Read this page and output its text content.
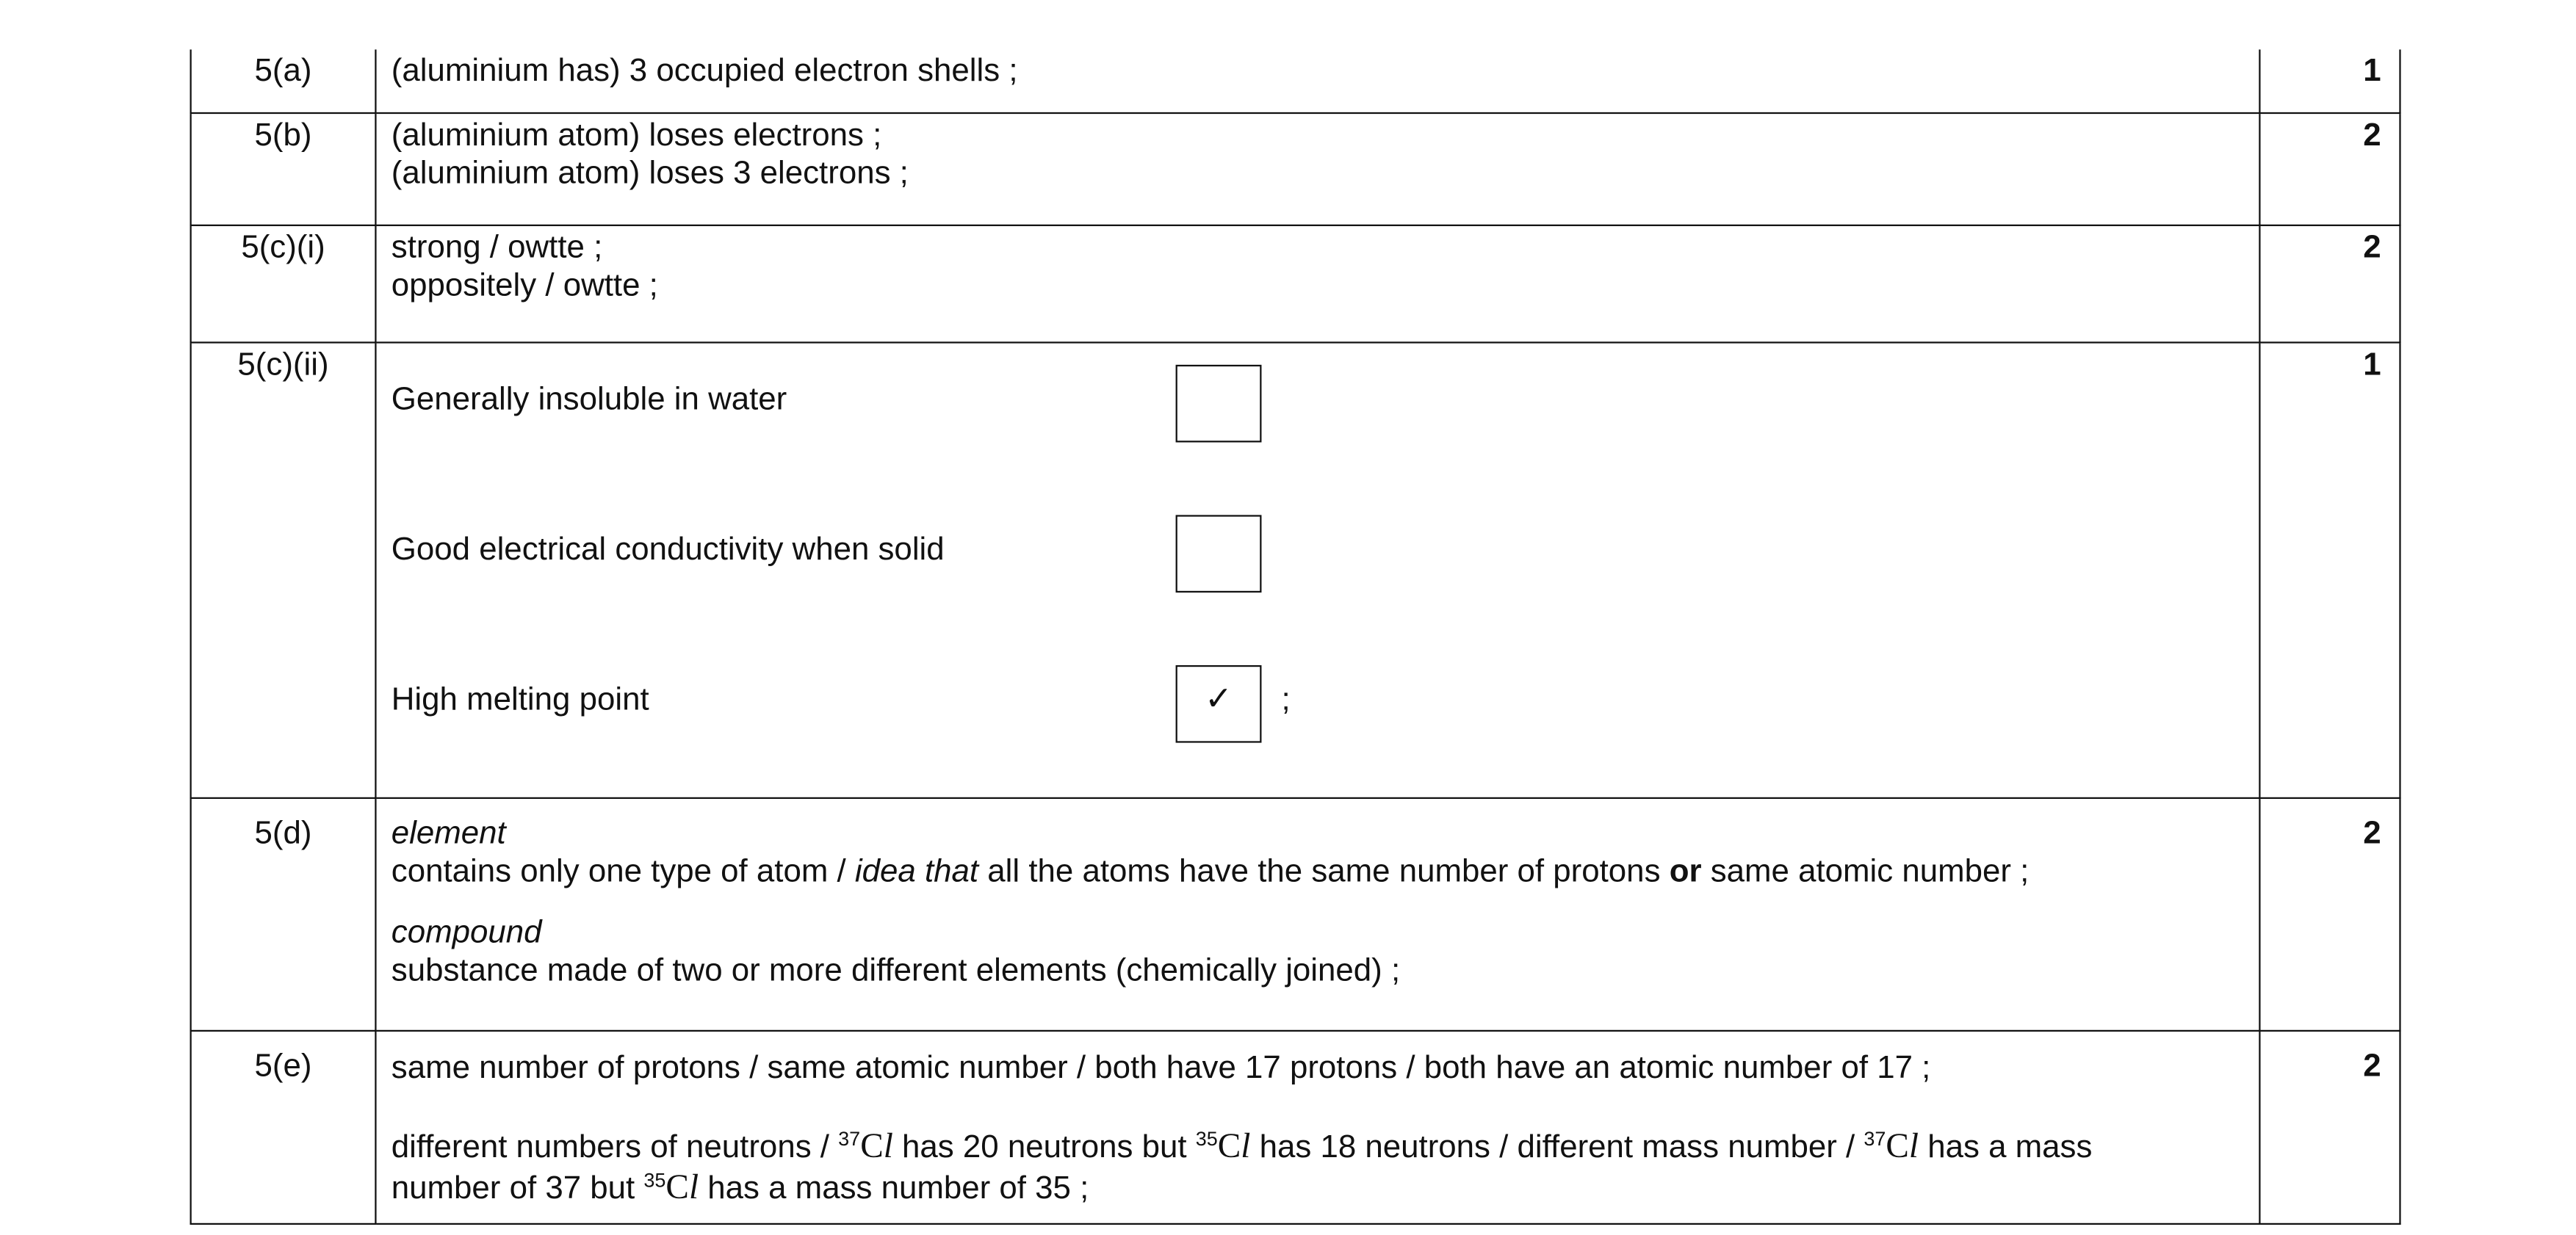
5(a)	(aluminium has) 3 occupied electron shells ;	1
5(b)	(aluminium atom) loses electrons ;
(aluminium atom) loses 3 electrons ;	2
5(c)(i)	strong / owtte ;
oppositely / owtte ;	2
5(c)(ii)	Generally insoluble in water
Good electrical conductivity when solid
High melting point ✓ ;	1
5(d)	element
contains only one type of atom / idea that all the atoms have the same number of protons or same atomic number ;
compound
substance made of two or more different elements (chemically joined) ;	2
5(e)	same number of protons / same atomic number / both have 17 protons / both have an atomic number of 17 ;
different numbers of neutrons / $^{37}$Cl has 20 neutrons but $^{35}$Cl has 18 neutrons / different mass number / $^{37}$Cl has a mass
number of 37 but $^{35}$Cl has a mass number of 35 ;	2
